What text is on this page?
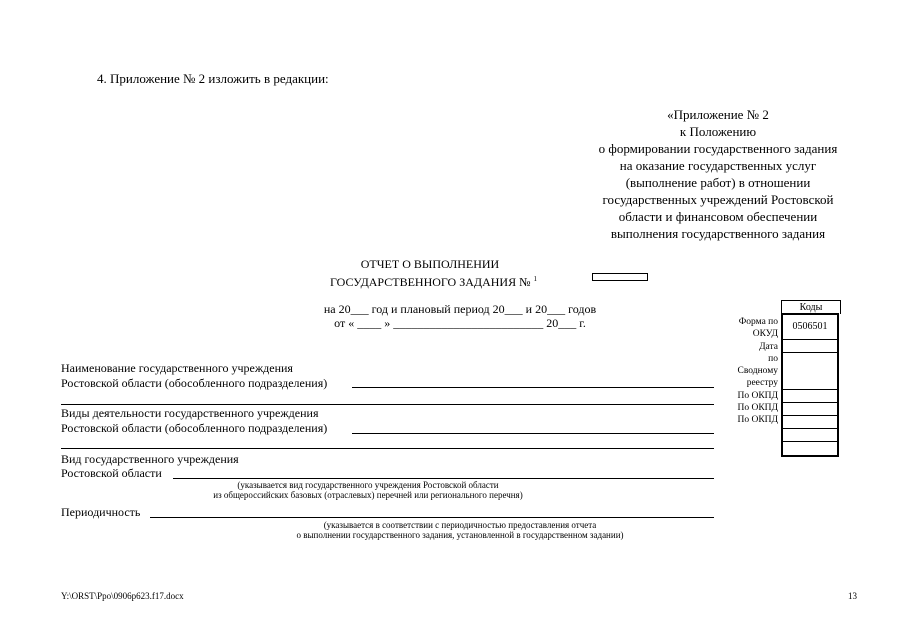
4. Приложение № 2 изложить в редакции:
«Приложение № 2
к Положению
о формировании государственного задания
на оказание государственных услуг
(выполнение работ) в отношении
государственных учреждений Ростовской
области и финансовом обеспечении
выполнения государственного задания
ОТЧЕТ О ВЫПОЛНЕНИИ
ГОСУДАРСТВЕННОГО ЗАДАНИЯ № $^1$
на 20___ год и плановый период 20___ и 20___ годов
от « ____ » _________________________ 20___ г.
Наименование государственного учреждения
Ростовской области (обособленного подразделения)
Виды деятельности государственного учреждения
Ростовской области (обособленного подразделения)
Вид государственного учреждения
Ростовской области
(указывается вид государственного учреждения Ростовской области
из общероссийских базовых (отраслевых) перечней или регионального перечня)
Периодичность
(указывается в соответствии с периодичностью предоставления отчета
о выполнении государственного задания, установленной в государственном задании)
Коды
0506501
Форма по
ОКУД
Дата
по
Сводному
реестру
По ОКПД
По ОКПД
По ОКПД
Y:\ORST\Ppo\0906p623.f17.docx	13
